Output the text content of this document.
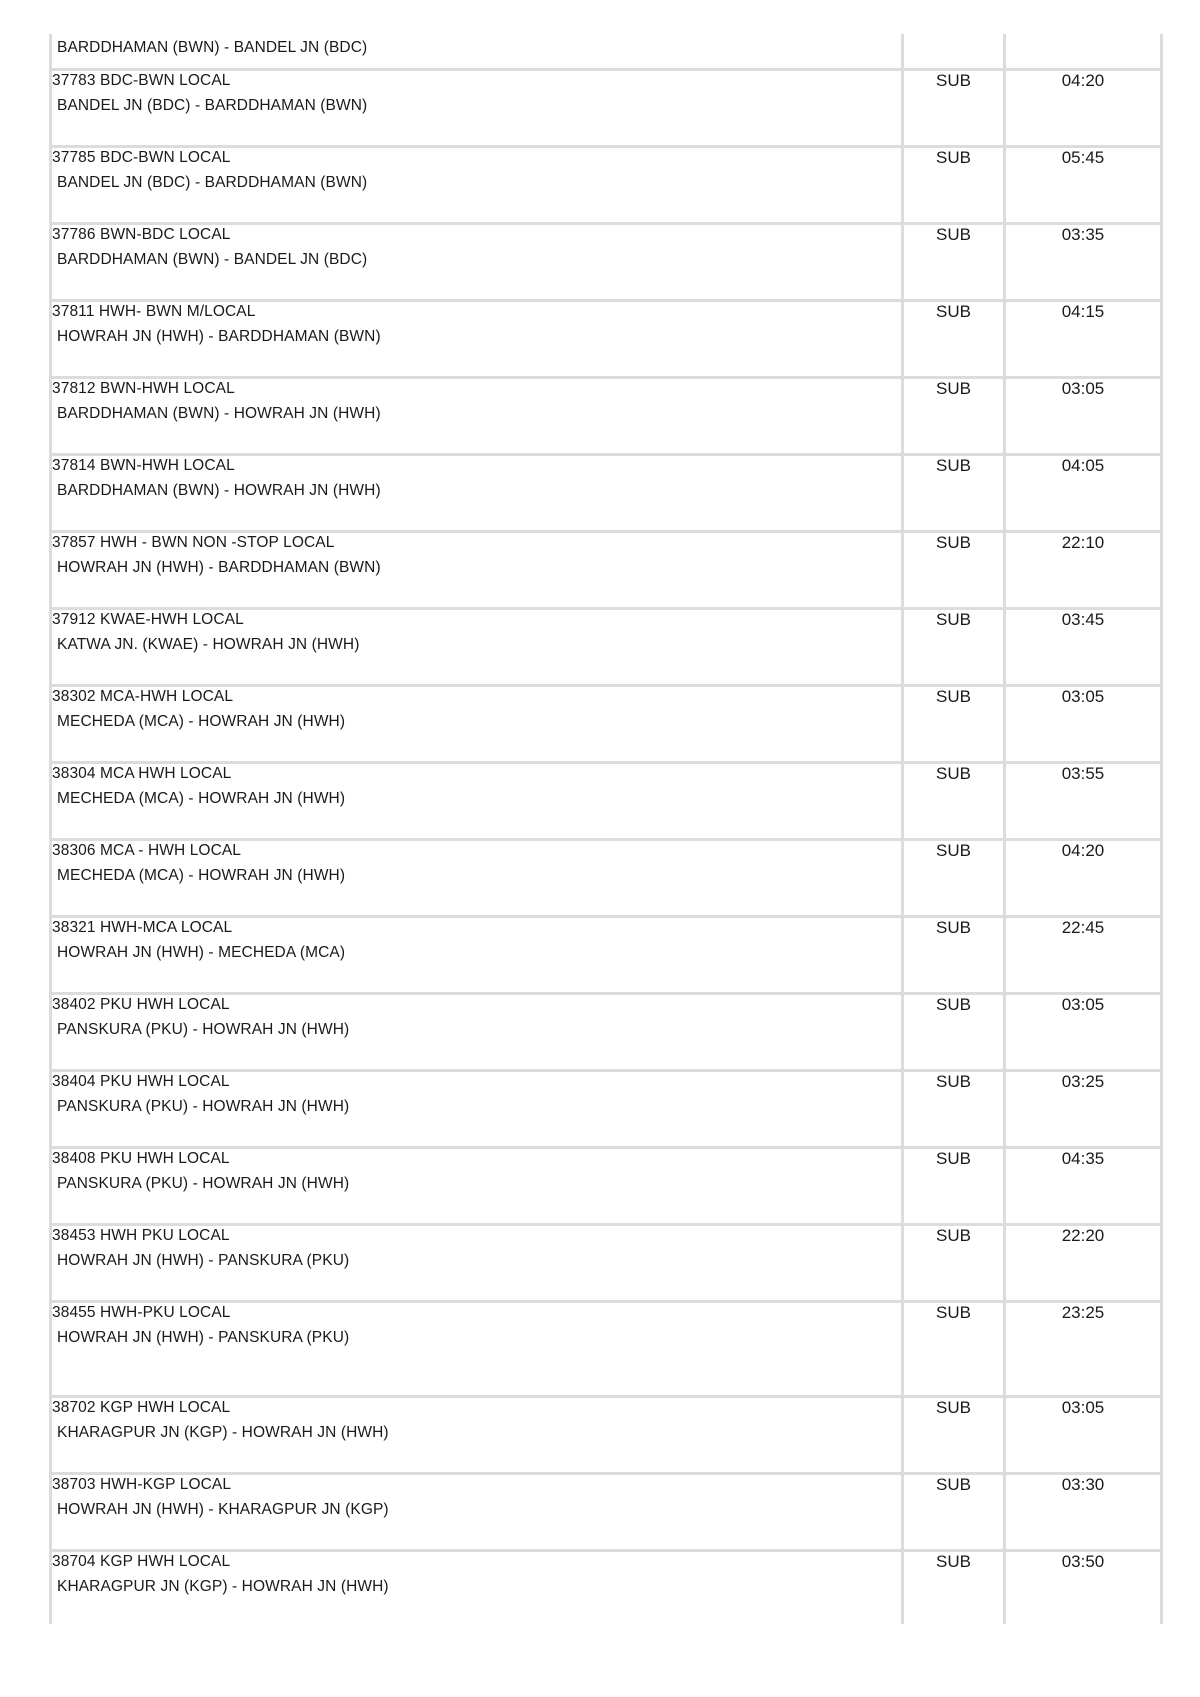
BARDDHAMAN (BWN) - BANDEL JN (BDC)		

37783 BDC-BWN LOCAL
BANDEL JN (BDC) - BARDDHAMAN (BWN)	SUB	04:20

37785 BDC-BWN LOCAL
BANDEL JN (BDC) - BARDDHAMAN (BWN)	SUB	05:45

37786 BWN-BDC LOCAL
BARDDHAMAN (BWN) - BANDEL JN (BDC)	SUB	03:35

37811 HWH- BWN M/LOCAL
HOWRAH JN (HWH) - BARDDHAMAN (BWN)	SUB	04:15

37812 BWN-HWH LOCAL
BARDDHAMAN (BWN) - HOWRAH JN (HWH)	SUB	03:05

37814 BWN-HWH LOCAL
BARDDHAMAN (BWN) - HOWRAH JN (HWH)	SUB	04:05

37857 HWH - BWN NON -STOP LOCAL
HOWRAH JN (HWH) - BARDDHAMAN (BWN)	SUB	22:10

37912 KWAE-HWH LOCAL
KATWA JN. (KWAE) - HOWRAH JN (HWH)	SUB	03:45

38302 MCA-HWH LOCAL
MECHEDA (MCA) - HOWRAH JN (HWH)	SUB	03:05

38304 MCA HWH LOCAL
MECHEDA (MCA) - HOWRAH JN (HWH)	SUB	03:55

38306 MCA - HWH LOCAL
MECHEDA (MCA) - HOWRAH JN (HWH)	SUB	04:20

38321 HWH-MCA LOCAL
HOWRAH JN (HWH) - MECHEDA (MCA)	SUB	22:45

38402 PKU HWH LOCAL
PANSKURA (PKU) - HOWRAH JN (HWH)	SUB	03:05

38404 PKU HWH LOCAL
PANSKURA (PKU) - HOWRAH JN (HWH)	SUB	03:25

38408 PKU HWH LOCAL
PANSKURA (PKU) - HOWRAH JN (HWH)	SUB	04:35

38453 HWH PKU LOCAL
HOWRAH JN (HWH) - PANSKURA (PKU)	SUB	22:20

38455 HWH-PKU LOCAL
HOWRAH JN (HWH) - PANSKURA (PKU)	SUB	23:25

38702 KGP HWH LOCAL
KHARAGPUR JN (KGP) - HOWRAH JN (HWH)	SUB	03:05

38703 HWH-KGP LOCAL
HOWRAH JN (HWH) - KHARAGPUR JN (KGP)	SUB	03:30

38704 KGP HWH LOCAL
KHARAGPUR JN (KGP) - HOWRAH JN (HWH)	SUB	03:50
